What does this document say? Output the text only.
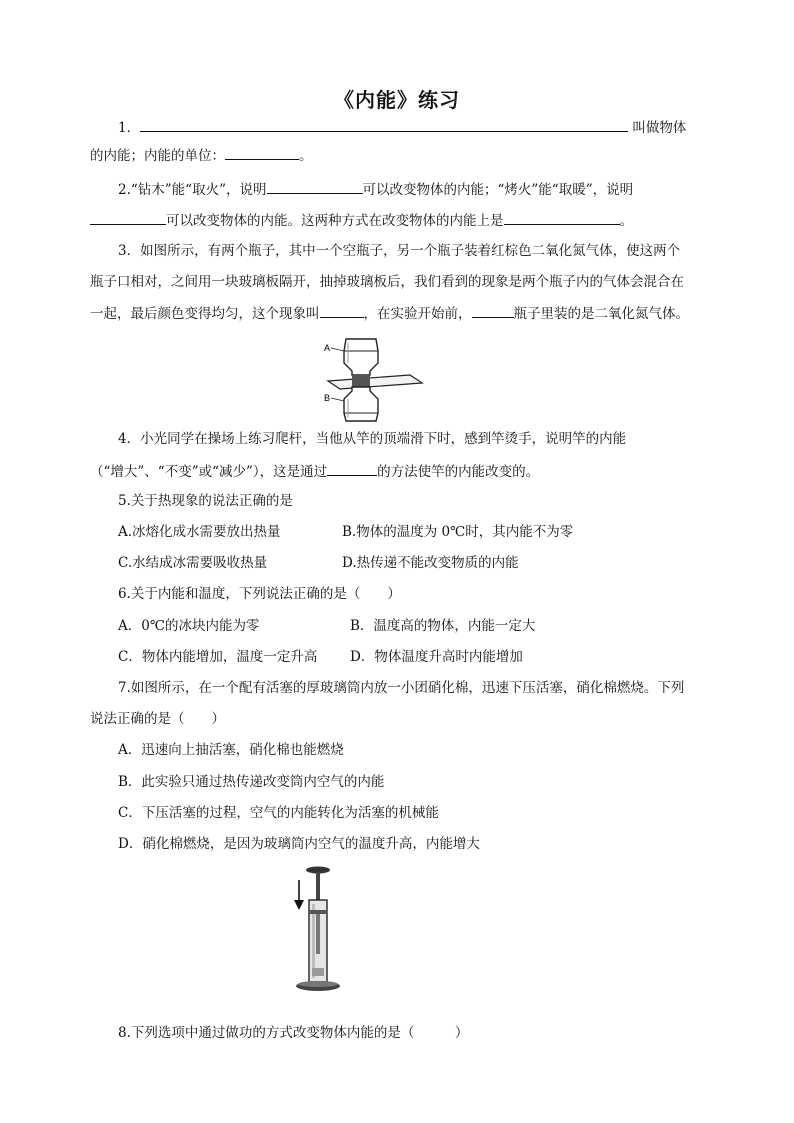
《内能》练习
1．	叫做物体
的内能；内能的单位：	。
2.“钻木”能“取火”，说明	可以改变物体的内能；“烤火”能“取暖”，说明
可以改变物体的内能。这两种方式在改变物体的内能上是	。
3．如图所示，有两个瓶子，其中一个空瓶子，另一个瓶子装着红棕色二氧化氮气体，使这两个
瓶子口相对，之间用一块玻璃板隔开，抽掉玻璃板后，我们看到的现象是两个瓶子内的气体会混合在
一起，最后颜色变得均匀，这个现象叫	，在实验开始前，	瓶子里装的是二氧化氮气体。
A
B
4．小光同学在操场上练习爬杆，当他从竿的顶端滑下时，感到竿烫手，说明竿的内能
（“增大”、“不变”或“减少”），这是通过	的方法使竿的内能改变的。
5.关于热现象的说法正确的是
A.冰熔化成水需要放出热量	B.物体的温度为 0℃时，其内能不为零
C.水结成冰需要吸收热量	D.热传递不能改变物质的内能
6.关于内能和温度，下列说法正确的是（　　）
A．0℃的冰块内能为零	B．温度高的物体，内能一定大
C．物体内能增加，温度一定升高 D．物体温度升高时内能增加
7.如图所示，在一个配有活塞的厚玻璃筒内放一小团硝化棉，迅速下压活塞，硝化棉燃烧。下列
说法正确的是（　　）
A．迅速向上抽活塞，硝化棉也能燃烧
B．此实验只通过热传递改变筒内空气的内能
C．下压活塞的过程，空气的内能转化为活塞的机械能
D．硝化棉燃烧，是因为玻璃筒内空气的温度升高，内能增大
8.下列选项中通过做功的方式改变物体内能的是（　　　）
